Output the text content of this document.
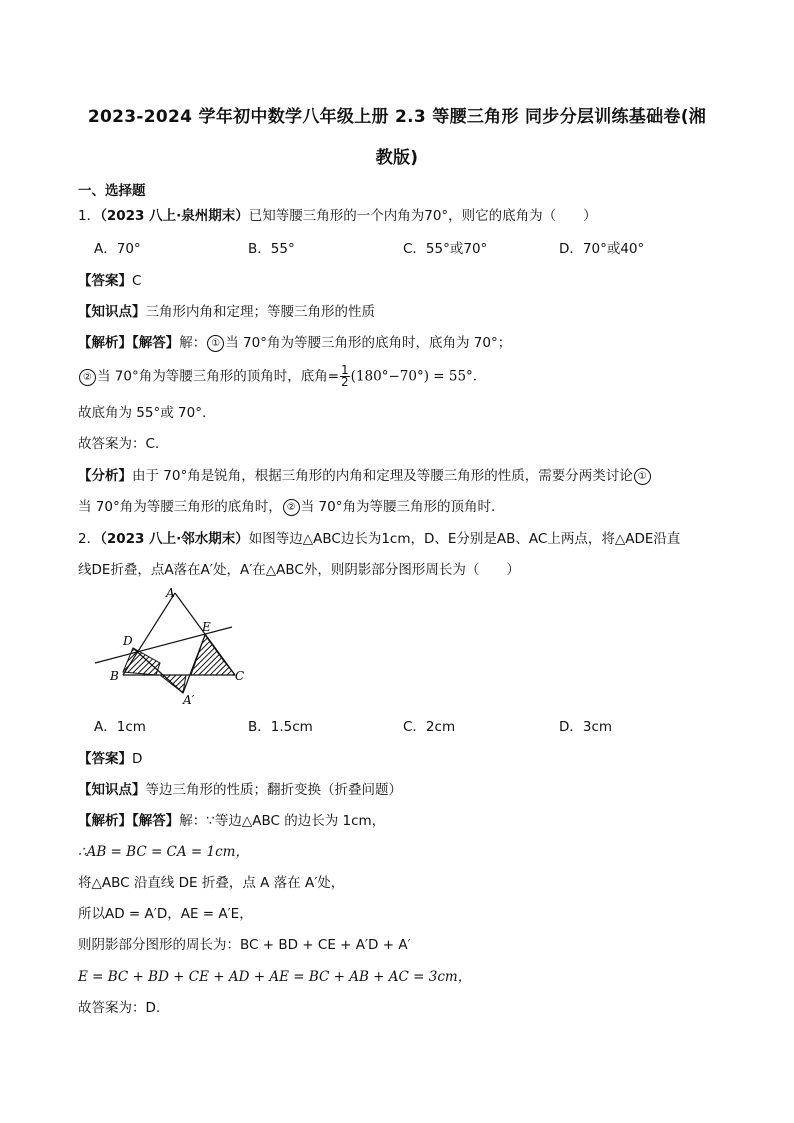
2023-2024 学年初中数学八年级上册 2.3 等腰三角形 同步分层训练基础卷(湘
教版)
一、选择题
1．（2023 八上·泉州期末）已知等腰三角形的一个内角为70°，则它的底角为（　　）
A．70°	B．55°	C．55°或70°	D．70°或40°
【答案】C
【知识点】三角形内角和定理；等腰三角形的性质
【解析】【解答】解： ① 当 70°角为等腰三角形的底角时，底角为 70°；
② 当 70°角为等腰三角形的顶角时，底角= $\frac{1}{2} (180^\circ-70^\circ) = 55^\circ$.
故底角为 55°或 70°.
故答案为：C.
【分析】由于 70°角是锐角，根据三角形的内角和定理及等腰三角形的性质，需要分两类讨论 ①
当 70°角为等腰三角形的底角时， ② 当 70°角为等腰三角形的顶角时.
2．（2023 八上·邻水期末）如图等边△ABC边长为1cm，D、E分别是AB、AC上两点，将△ADE沿直
线DE折叠，点A落在A′处，A′在△ABC外，则阴影部分图形周长为（　　）
A
D
E
B	C
A′
A．1cm	B．1.5cm	C．2cm	D．3cm
【答案】D
【知识点】等边三角形的性质；翻折变换（折叠问题）
【解析】【解答】解：∵等边△ABC 的边长为 1cm，
∴AB = BC = CA = 1cm，
将△ABC 沿直线 DE 折叠，点 A 落在 A′处，
所以AD = A′D，AE = A′E，
则阴影部分图形的周长为：BC + BD + CE + A′D + A′
E = BC + BD + CE + AD + AE = BC + AB + AC = 3cm，
故答案为：D.
